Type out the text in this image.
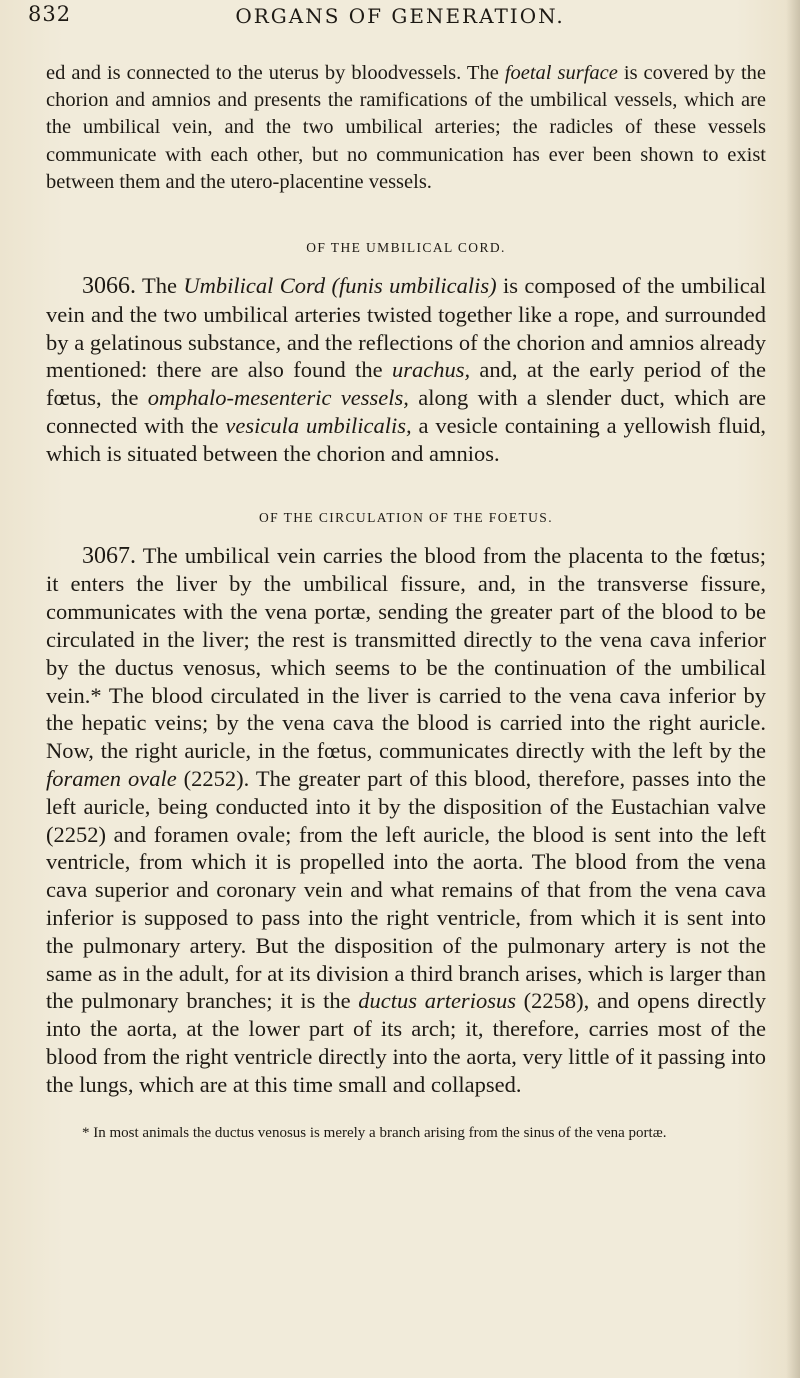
832	ORGANS OF GENERATION.

ed and is connected to the uterus by bloodvessels. The foetal surface is covered by the chorion and amnios and presents the ramifications of the umbilical vessels, which are the umbilical vein, and the two umbilical arteries; the radicles of these vessels communicate with each other, but no communication has ever been shown to exist between them and the utero-placentine vessels.

OF THE UMBILICAL CORD.

3066. The Umbilical Cord (funis umbilicalis) is composed of the umbilical vein and the two umbilical arteries twisted together like a rope, and surrounded by a gelatinous substance, and the reflections of the chorion and amnios already mentioned: there are also found the urachus, and, at the early period of the fœtus, the omphalo-mesenteric vessels, along with a slender duct, which are connected with the vesicula umbilicalis, a vesicle containing a yellowish fluid, which is situated between the chorion and amnios.

OF THE CIRCULATION OF THE FOETUS.

3067. The umbilical vein carries the blood from the placenta to the fœtus; it enters the liver by the umbilical fissure, and, in the transverse fissure, communicates with the vena portæ, sending the greater part of the blood to be circulated in the liver; the rest is transmitted directly to the vena cava inferior by the ductus venosus, which seems to be the continuation of the umbilical vein.* The blood circulated in the liver is carried to the vena cava inferior by the hepatic veins; by the vena cava the blood is carried into the right auricle. Now, the right auricle, in the fœtus, communicates directly with the left by the foramen ovale (2252). The greater part of this blood, therefore, passes into the left auricle, being conducted into it by the disposition of the Eustachian valve (2252) and foramen ovale; from the left auricle, the blood is sent into the left ventricle, from which it is propelled into the aorta. The blood from the vena cava superior and coronary vein and what remains of that from the vena cava inferior is supposed to pass into the right ventricle, from which it is sent into the pulmonary artery. But the disposition of the pulmonary artery is not the same as in the adult, for at its division a third branch arises, which is larger than the pulmonary branches; it is the ductus arteriosus (2258), and opens directly into the aorta, at the lower part of its arch; it, therefore, carries most of the blood from the right ventricle directly into the aorta, very little of it passing into the lungs, which are at this time small and collapsed.

* In most animals the ductus venosus is merely a branch arising from the sinus of the vena portæ.
